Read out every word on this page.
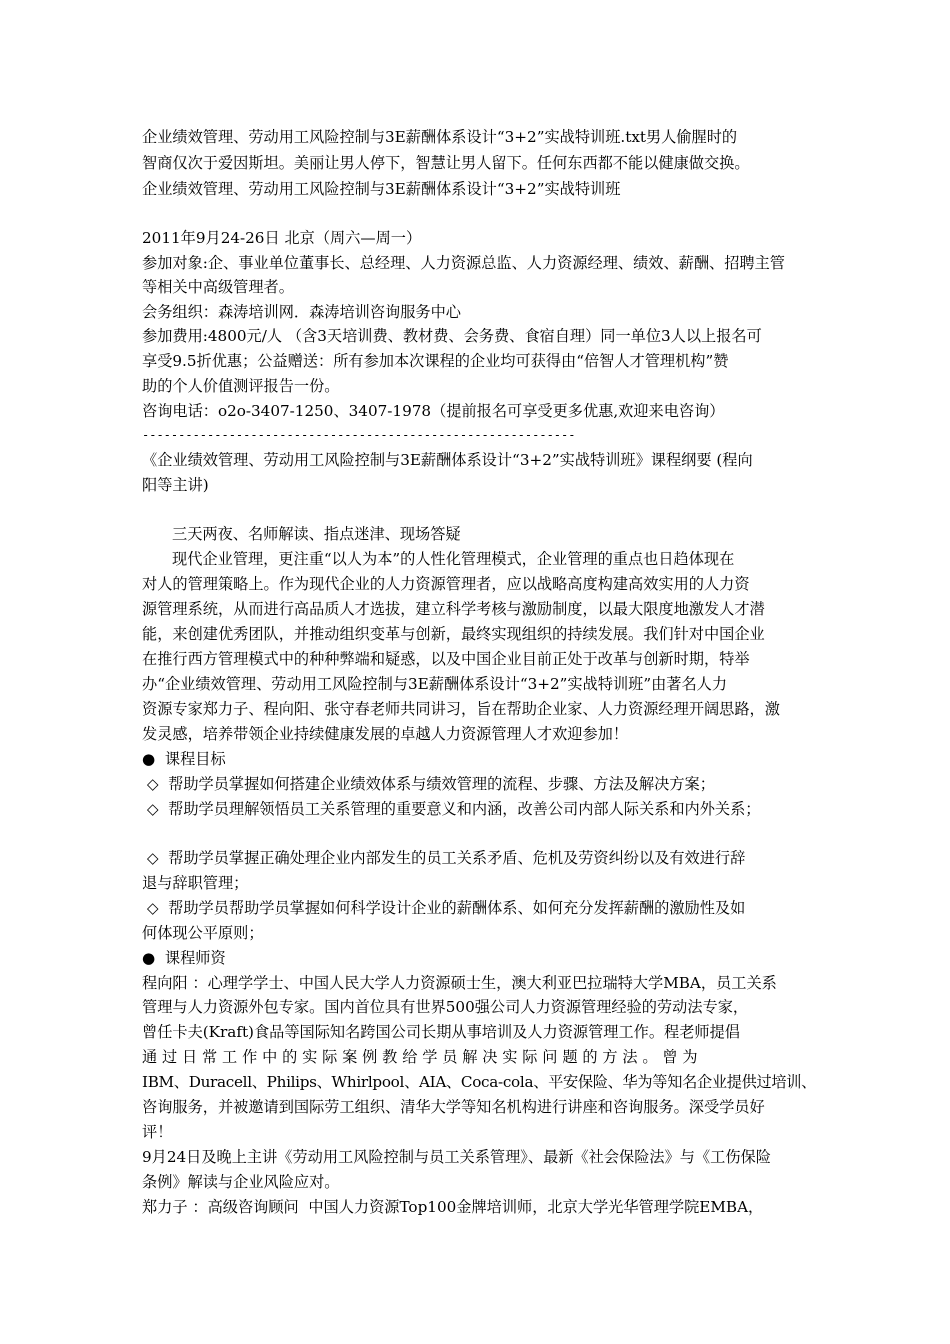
企业绩效管理、劳动用工风险控制与3E薪酬体系设计“3+2”实战特训班.txt男人偷腥时的
智商仅次于爱因斯坦。美丽让男人停下，智慧让男人留下。任何东西都不能以健康做交换。
企业绩效管理、劳动用工风险控制与3E薪酬体系设计“3+2”实战特训班
2011年9月24-26日 北京（周六—周一）
参加对象:企、事业单位董事长、总经理、人力资源总监、人力资源经理、绩效、薪酬、招聘主管
等相关中高级管理者。
会务组织：森涛培训网．森涛培训咨询服务中心
参加费用:4800元/人 （含3天培训费、教材费、会务费、食宿自理）同一单位3人以上报名可
享受9.5折优惠；公益赠送：所有参加本次课程的企业均可获得由“倍智人才管理机构”赞
助的个人价值测评报告一份。
咨询电话：o2o-3407-1250、3407-1978（提前报名可享受更多优惠,欢迎来电咨询）
------------------------------------------------------------
《企业绩效管理、劳动用工风险控制与3E薪酬体系设计“3+2”实战特训班》课程纲要 (程向
阳等主讲)
三天两夜、名师解读、指点迷津、现场答疑
现代企业管理，更注重“以人为本”的人性化管理模式，企业管理的重点也日趋体现在
对人的管理策略上。作为现代企业的人力资源管理者，应以战略高度构建高效实用的人力资
源管理系统，从而进行高品质人才选拔，建立科学考核与激励制度，以最大限度地激发人才潜
能，来创建优秀团队，并推动组织变革与创新，最终实现组织的持续发展。我们针对中国企业
在推行西方管理模式中的种种弊端和疑惑，以及中国企业目前正处于改革与创新时期，特举
办“企业绩效管理、劳动用工风险控制与3E薪酬体系设计“3+2”实战特训班”由著名人力
资源专家郑力子、程向阳、张守春老师共同讲习，旨在帮助企业家、人力资源经理开阔思路，激
发灵感，培养带领企业持续健康发展的卓越人力资源管理人才欢迎参加！
●  课程目标
◇  帮助学员掌握如何搭建企业绩效体系与绩效管理的流程、步骤、方法及解决方案；
◇  帮助学员理解领悟员工关系管理的重要意义和内涵，改善公司内部人际关系和内外关系；
◇  帮助学员掌握正确处理企业内部发生的员工关系矛盾、危机及劳资纠纷以及有效进行辞
退与辞职管理；
◇  帮助学员帮助学员掌握如何科学设计企业的薪酬体系、如何充分发挥薪酬的激励性及如
何体现公平原则；
●  课程师资
程向阳 ：心理学学士、中国人民大学人力资源硕士生，澳大利亚巴拉瑞特大学MBA，员工关系
管理与人力资源外包专家。国内首位具有世界500强公司人力资源管理经验的劳动法专家，
曾任卡夫(Kraft)食品等国际知名跨国公司长期从事培训及人力资源管理工作。程老师提倡
通 过 日 常 工 作 中 的 实 际 案 例 教 给 学 员 解 决 实 际 问 题 的 方 法 。 曾 为
IBM、Duracell、Philips、Whirlpool、AIA、Coca-cola、平安保险、华为等知名企业提供过培训、
咨询服务，并被邀请到国际劳工组织、清华大学等知名机构进行讲座和咨询服务。深受学员好
评！
9月24日及晚上主讲《劳动用工风险控制与员工关系管理》、最新《社会保险法》与《工伤保险
条例》解读与企业风险应对。
郑力子 ：高级咨询顾问  中国人力资源Top100金牌培训师，北京大学光华管理学院EMBA，
